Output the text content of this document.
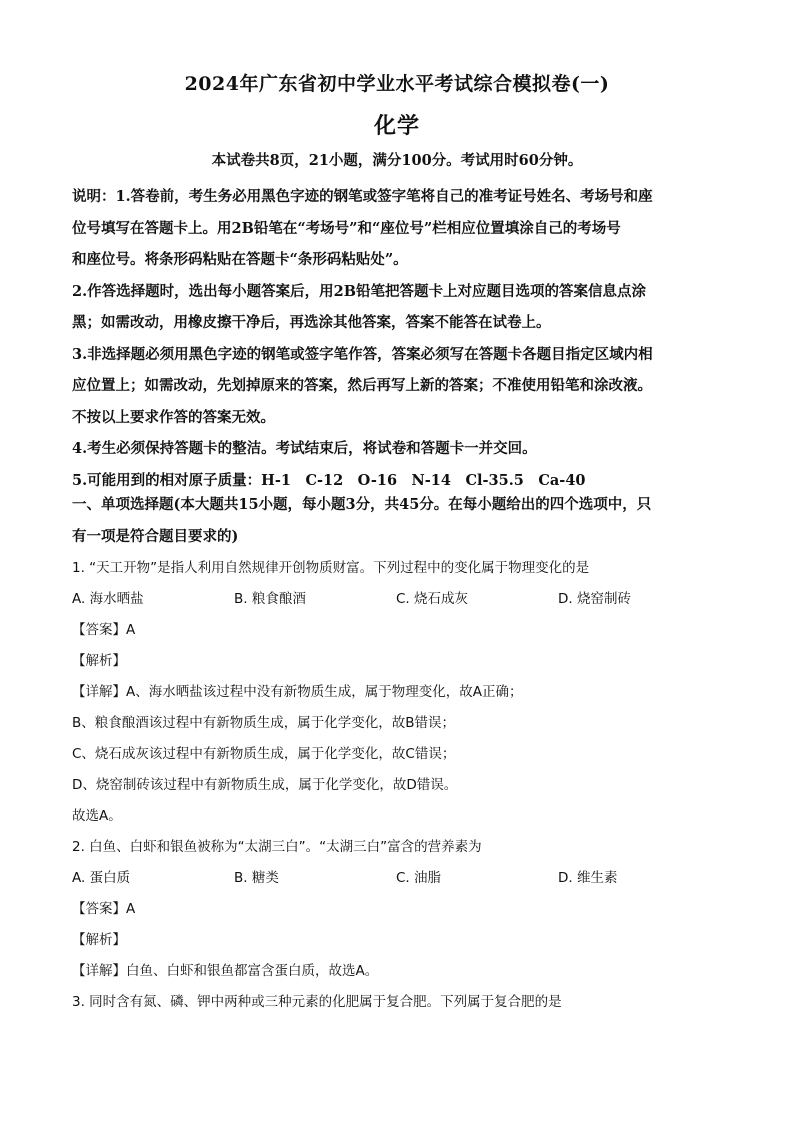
2024年广东省初中学业水平考试综合模拟卷(一)
化学
本试卷共8页，21小题，满分100分。考试用时60分钟。
说明：1.答卷前，考生务必用黑色字迹的钢笔或签字笔将自己的准考证号姓名、考场号和座
位号填写在答题卡上。用2B铅笔在“考场号”和“座位号”栏相应位置填涂自己的考场号
和座位号。将条形码粘贴在答题卡“条形码粘贴处”。
2.作答选择题时，选出每小题答案后，用2B铅笔把答题卡上对应题目选项的答案信息点涂
黑；如需改动，用橡皮擦干净后，再选涂其他答案，答案不能答在试卷上。
3.非选择题必须用黑色字迹的钢笔或签字笔作答，答案必须写在答题卡各题目指定区域内相
应位置上；如需改动，先划掉原来的答案，然后再写上新的答案；不准使用铅笔和涂改液。
不按以上要求作答的答案无效。
4.考生必须保持答题卡的整洁。考试结束后，将试卷和答题卡一并交回。
5.可能用到的相对原子质量：H-1　C-12　O-16　N-14　Cl-35.5　Ca-40
一、单项选择题(本大题共15小题，每小题3分，共45分。在每小题给出的四个选项中，只
有一项是符合题目要求的)
1. “天工开物”是指人利用自然规律开创物质财富。下列过程中的变化属于物理变化的是
A. 海水晒盐	B. 粮食酿酒	C. 烧石成灰	D. 烧窑制砖
【答案】A
【解析】
【详解】A、海水晒盐该过程中没有新物质生成，属于物理变化，故A正确；
B、粮食酿酒该过程中有新物质生成，属于化学变化，故B错误；
C、烧石成灰该过程中有新物质生成，属于化学变化，故C错误；
D、烧窑制砖该过程中有新物质生成，属于化学变化，故D错误。
故选A。
2. 白鱼、白虾和银鱼被称为“太湖三白”。“太湖三白”富含的营养素为
A. 蛋白质	B. 糖类	C. 油脂	D. 维生素
【答案】A
【解析】
【详解】白鱼、白虾和银鱼都富含蛋白质，故选A。
3. 同时含有氮、磷、钾中两种或三种元素的化肥属于复合肥。下列属于复合肥的是
